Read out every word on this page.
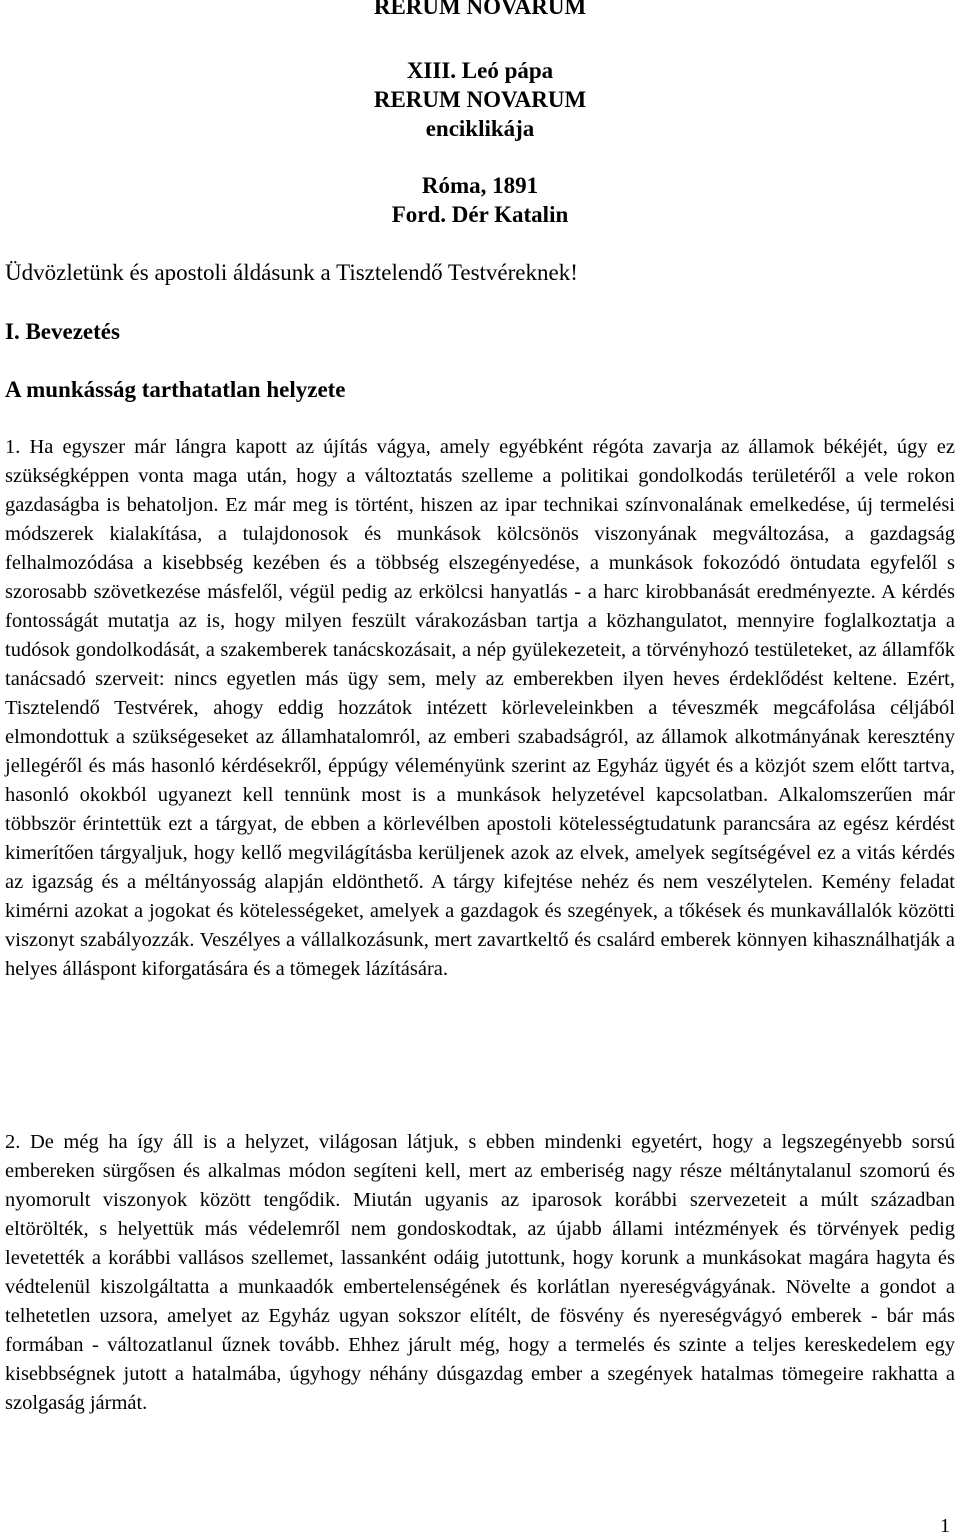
RERUM NOVARUM
XIII. Leó pápa
RERUM NOVARUM
enciklikája
Róma, 1891
Ford. Dér Katalin
Üdvözletünk és apostoli áldásunk a Tisztelendő Testvéreknek!
I. Bevezetés
A munkásság tarthatatlan helyzete
1. Ha egyszer már lángra kapott az újítás vágya, amely egyébként régóta zavarja az államok békéjét, úgy ez szükségképpen vonta maga után, hogy a változtatás szelleme a politikai gondolkodás területéről a vele rokon gazdaságba is behatoljon. Ez már meg is történt, hiszen az ipar technikai színvonalának emelkedése, új termelési módszerek kialakítása, a tulajdonosok és munkások kölcsönös viszonyának megváltozása, a gazdagság felhalmozódása a kisebbség kezében és a többség elszegényedése, a munkások fokozódó öntudata egyfelől s szorosabb szövetkezése másfelől, végül pedig az erkölcsi hanyatlás - a harc kirobbanását eredményezte. A kérdés fontosságát mutatja az is, hogy milyen feszült várakozásban tartja a közhangulatot, mennyire foglalkoztatja a tudósok gondolkodását, a szakemberek tanácskozásait, a nép gyülekezeteit, a törvényhozó testületeket, az államfők tanácsadó szerveit: nincs egyetlen más ügy sem, mely az emberekben ilyen heves érdeklődést keltene. Ezért, Tisztelendő Testvérek, ahogy eddig hozzátok intézett körleveleinkben a téveszmék megcáfolása céljából elmondottuk a szükségeseket az államhatalomról, az emberi szabadságról, az államok alkotmányának keresztény jellegéről és más hasonló kérdésekről, éppúgy véleményünk szerint az Egyház ügyét és a közjót szem előtt tartva, hasonló okokból ugyanezt kell tennünk most is a munkások helyzetével kapcsolatban. Alkalomszerűen már többször érintettük ezt a tárgyat, de ebben a körlevélben apostoli kötelességtudatunk parancsára az egész kérdést kimerítően tárgyaljuk, hogy kellő megvilágításba kerüljenek azok az elvek, amelyek segítségével ez a vitás kérdés az igazság és a méltányosság alapján eldönthető. A tárgy kifejtése nehéz és nem veszélytelen. Kemény feladat kimérni azokat a jogokat és kötelességeket, amelyek a gazdagok és szegények, a tőkések és munkavállalók közötti viszonyt szabályozzák. Veszélyes a vállalkozásunk, mert zavartkeltő és csalárd emberek könnyen kihasználhatják a helyes álláspont kiforgatására és a tömegek lázítására.
2. De még ha így áll is a helyzet, világosan látjuk, s ebben mindenki egyetért, hogy a legszegényebb sorsú embereken sürgősen és alkalmas módon segíteni kell, mert az emberiség nagy része méltánytalanul szomorú és nyomorult viszonyok között tengődik. Miután ugyanis az iparosok korábbi szervezeteit a múlt században eltörölték, s helyettük más védelemről nem gondoskodtak, az újabb állami intézmények és törvények pedig levetették a korábbi vallásos szellemet, lassanként odáig jutottunk, hogy korunk a munkásokat magára hagyta és védtelenül kiszolgáltatta a munkaadók embertelenségének és korlátlan nyereségvágyának. Növelte a gondot a telhetetlen uzsora, amelyet az Egyház ugyan sokszor elítélt, de fösvény és nyereségvágyó emberek - bár más formában - változatlanul űznek tovább. Ehhez járult még, hogy a termelés és szinte a teljes kereskedelem egy kisebbségnek jutott a hatalmába, úgyhogy néhány dúsgazdag ember a szegények hatalmas tömegeire rakhatta a szolgaság jármát.
1
